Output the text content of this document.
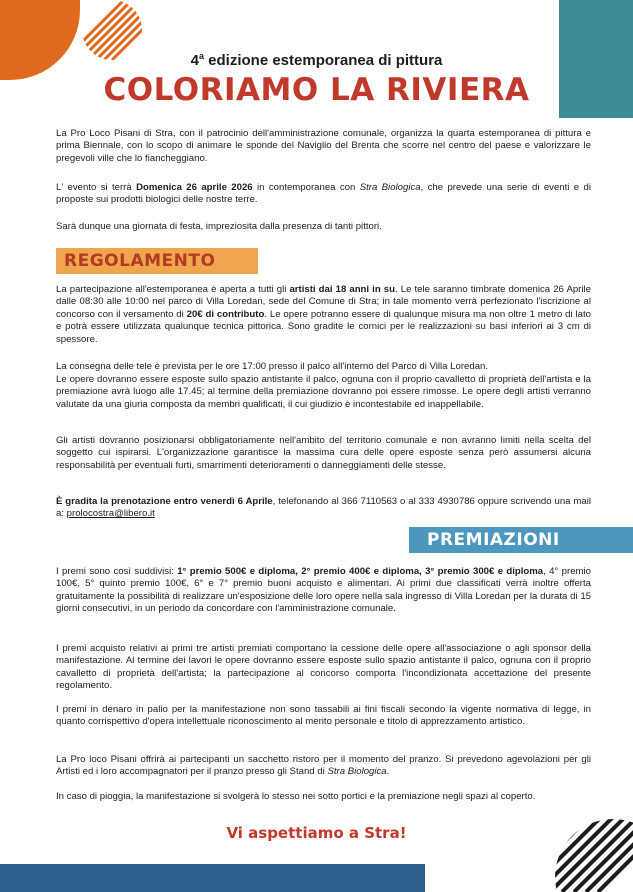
4$^a$ edizione estemporanea di pittura
COLORIAMO LA RIVIERA

La Pro Loco Pisani di Stra, con il patrocinio dell'amministrazione comunale, organizza la quarta estemporanea di pittura e prima Biennale, con lo scopo di animare le sponde del Naviglio del Brenta che scorre nel centro del paese e valorizzare le pregevoli ville che lo fiancheggiano.

L' evento si terrà Domenica 26 aprile 2026 in contemporanea con Strа Biologica, che prevede una serie di eventi e di proposte sui prodotti biologici delle nostre terre.

Sarà dunque una giornata di festa, impreziosita dalla presenza di tanti pittori.

REGOLAMENTO

La partecipazione all'estemporanea è aperta a tutti gli artisti dai 18 anni in su. Le tele saranno timbrate domenica 26 Aprile dalle 08:30 alle 10:00 nel parco di Villa Loredan, sede del Comune di Stra; in tale momento verrà perfezionato l'iscrizione al concorso con il versamento di 20€ di contributo. Le opere potranno essere di qualunque misura ma non oltre 1 metro di lato e potrà essere utilizzata qualunque tecnica pittorica. Sono gradite le cornici per le realizzazioni su basi inferiori ai 3 cm di spessore.

La consegna delle tele è prevista per le ore 17:00 presso il palco all'interno del Parco di Villa Loredan.

Le opere dovranno essere esposte sullo spazio antistante il palco, ognuna con il proprio cavalletto di proprietà dell'artista e la premiazione avrà luogo alle 17.45; al termine della premiazione dovranno poi essere rimosse. Le opere degli artisti verranno valutate da una giuria composta da membri qualificati, il cui giudizio è incontestabile ed inappellabile.

Gli artisti dovranno posizionarsi obbligatoriamente nell'ambito del territorio comunale e non avranno limiti nella scelta del soggetto cui ispirarsi. L'organizzazione garantisce la massima cura delle opere esposte senza però assumersi alcuna responsabilità per eventuali furti, smarrimenti deterioramenti o danneggiamenti delle stesse.

È gradita la prenotazione entro venerdì 6 Aprile, telefonando al 366 7110563 o al 333 4930786 oppure scrivendo una mail a: prolocostra@libero.it

PREMIAZIONI

I premi sono così suddivisi: 1° premio 500€ e diploma, 2° premio 400€ e diploma, 3° premio 300€ e diploma, 4° premio 100€, 5° quinto premio 100€, 6° e 7° premio buoni acquisto e alimentari. Ai primi due classificati verrà inoltre offerta gratuitamente la possibilità di realizzare un'esposizione delle loro opere nella sala ingresso di Villa Loredan per la durata di 15 giorni consecutivi, in un periodo da concordare con l'amministrazione comunale.

I premi acquisto relativi ai primi tre artisti premiati comportano la cessione delle opere all'associazione o agli sponsor della manifestazione. Al termine dei lavori le opere dovranno essere esposte sullo spazio antistante il palco, ognuna con il proprio cavalletto di proprietà dell'artista; la partecipazione al concorso comporta l'incondizionata accettazione del presente regolamento.

I premi in denaro in palio per la manifestazione non sono tassabili ai fini fiscali secondo la vigente normativa di legge, in quanto corrispettivo d'opera intellettuale riconoscimento al merito personale e titolo di apprezzamento artistico.

La Pro loco Pisani offrirà ai partecipanti un sacchetto ristoro per il momento del pranzo. Si prevedono agevolazioni per gli Artisti ed i loro accompagnatori per il pranzo presso gli Stand di Stra Biologica.

In caso di pioggia, la manifestazione si svolgerà lo stesso nei sotto portici e la premiazione negli spazi al coperto.

Vi aspettiamo a Stra!
